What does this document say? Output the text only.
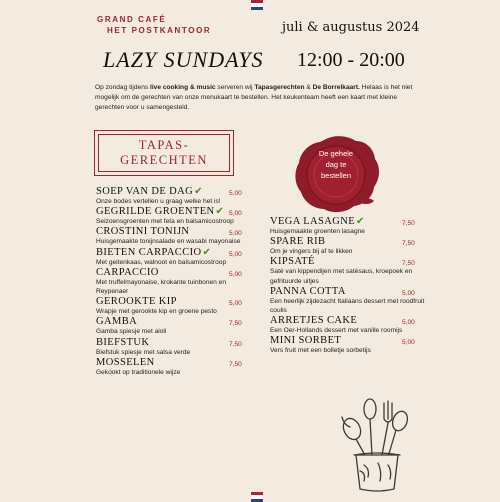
GRAND CAFÉ
HET POSTKANTOOR	juli & augustus 2024
LAZY SUNDAYS 12:00 - 20:00
Op zondag tijdens live cooking & music serveren wij Tapasgerechten & De Borrelkaart. Helaas is het niet mogelijk om de gerechten van onze menukaart te bestellen. Het keukenteam heeft een kaart met kleine gerechten voor u samengesteld.
TAPAS-
GERECHTEN	De gehele
dag te
bestellen
SOEP VAN DE DAG✔	5,00
Onze bodes vertellen u graag welke het is!
GEGRILDE GROENTEN✔ 5,00
Seizoensgroenten met feta en balsamicostroop
CROSTINI TONIJN	5,00
Huisgemaakte tonijnsalade en wasabi mayonaise
BIETEN CARPACCIO✔	5,00
Met geitenkaas, walnoot en balsamicostroop
CARPACCIO	5,00
Met truffelmayonaise, krokante tuinbonen en Reypenaer
GEROOKTE KIP	5,00
Wrapje met gerookte kip en groene pesto
GAMBA	7,50
Gamba spiesje met aioli
BIEFSTUK	7,50
Biefstuk spiesje met salsa verde
MOSSELEN	7,50
Gekookt op traditionele wijze
VEGA LASAGNE✔	7,50
Huisgemaakte groenten lasagne
SPARE RIB	7,50
Om je vingers bij af te likken
KIPSATÉ	7,50
Saté van kippendijen met satésaus, kroepoek en gefrituurde uitjes
PANNA COTTA	5,00
Een heerlijk zijdezacht Italiaans dessert met roodfruit coulis
ARRETJES CAKE	5,00
Een Oer-Hollands dessert met vanille roomijs
MINI SORBET	5,00
Vers fruit met een bolletje sorbetijs
